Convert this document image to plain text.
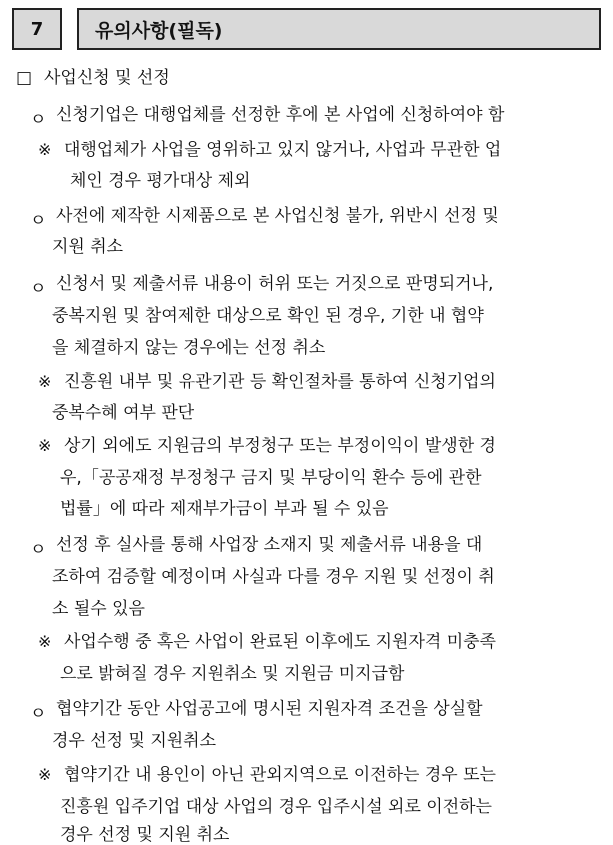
7	유의사항(필독)
□ 사업신청 및 선정
ㅇ 신청기업은 대행업체를 선정한 후에 본 사업에 신청하여야 함
※ 대행업체가 사업을 영위하고 있지 않거나, 사업과 무관한 업
체인 경우 평가대상 제외
ㅇ 사전에 제작한 시제품으로 본 사업신청 불가, 위반시 선정 및
지원 취소
ㅇ 신청서 및 제출서류 내용이 허위 또는 거짓으로 판명되거나,
중복지원 및 참여제한 대상으로 확인 된 경우, 기한 내 협약
을 체결하지 않는 경우에는 선정 취소
※ 진흥원 내부 및 유관기관 등 확인절차를 통하여 신청기업의
중복수혜 여부 판단
※ 상기 외에도 지원금의 부정청구 또는 부정이익이 발생한 경
우,「공공재정 부정청구 금지 및 부당이익 환수 등에 관한
법률」에 따라 제재부가금이 부과 될 수 있음
ㅇ 선정 후 실사를 통해 사업장 소재지 및 제출서류 내용을 대
조하여 검증할 예정이며 사실과 다를 경우 지원 및 선정이 취
소 될수 있음
※ 사업수행 중 혹은 사업이 완료된 이후에도 지원자격 미충족
으로 밝혀질 경우 지원취소 및 지원금 미지급함
ㅇ 협약기간 동안 사업공고에 명시된 지원자격 조건을 상실할
경우 선정 및 지원취소
※ 협약기간 내 용인이 아닌 관외지역으로 이전하는 경우 또는
진흥원 입주기업 대상 사업의 경우 입주시설 외로 이전하는
경우 선정 및 지원 취소
